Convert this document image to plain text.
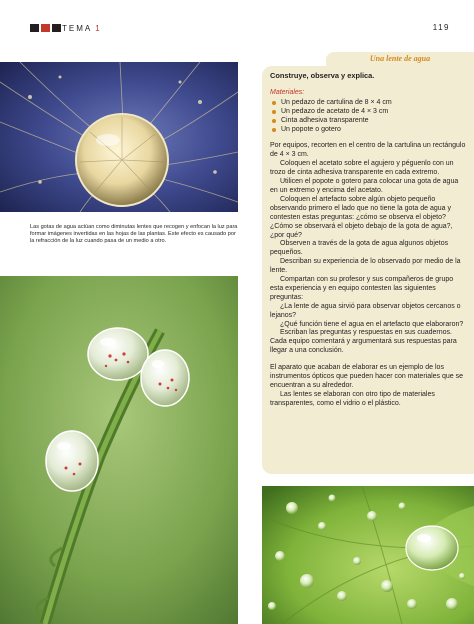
TEMA 1	119
Las gotas de agua actúan como diminutas lentes que recogen y enfocan la luz para formar imágenes invertidas en las hojas de las plantas. Este efecto es causado por la refracción de la luz cuando pasa de un medio a otro.
Una lente de agua
Construye, observa y explica.
Materiales:
Un pedazo de cartulina de 8 × 4 cm
Un pedazo de acetato de 4 × 3 cm
Cinta adhesiva transparente
Un popote o gotero

Por equipos, recorten en el centro de la cartulina un rectángulo de 4 × 3 cm.

Coloquen el acetato sobre el agujero y péguenlo con un trozo de cinta adhesiva transparente en cada extremo.

Utilicen el popote o gotero para colocar una gota de agua en un extremo y encima del acetato.

Coloquen el artefacto sobre algún objeto pequeño observando primero el lado que no tiene la gota de agua y contesten estas preguntas: ¿cómo se observa el objeto? ¿Cómo se observará el objeto debajo de la gota de agua?, ¿por qué?

Observen a través de la gota de agua algunos objetos pequeños.

Describan su experiencia de lo observado por medio de la lente.

Compartan con su profesor y sus compañeros de grupo esta experiencia y en equipo contesten las siguientes preguntas:

¿La lente de agua sirvió para observar objetos cercanos o lejanos?

¿Qué función tiene el agua en el artefacto que elaboraron?

Escriban las preguntas y respuestas en sus cuadernos. Cada equipo comentará y argumentará sus respuestas para llegar a una conclusión.

El aparato que acaban de elaborar es un ejemplo de los instrumentos ópticos que pueden hacer con materiales que se encuentran a su alrededor.

Las lentes se elaboran con otro tipo de materiales transparentes, como el vidrio o el plástico.
